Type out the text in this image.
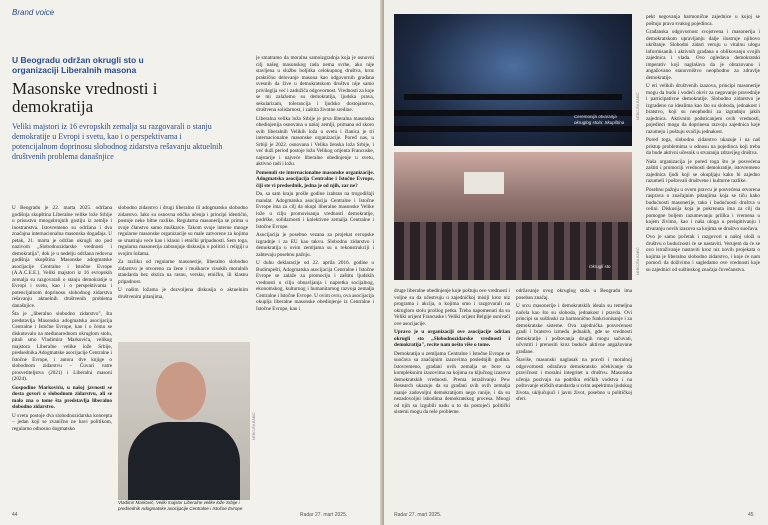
Brand voice
U Beogradu održan okrugli sto u organizaciji Liberalnih masona
Masonske vrednosti i demokratija
Veliki majstori iz 16 evropskih zemalja su razgovarali o stanju demokratije u Evropi i svetu, kao i o perspektivama i potencijalnom doprinosu slobodnog zidarstva rešavanju aktuelnih društvenih problema današnjice

U Beogradu je 22. marta 2025. održana godišnja skupština Liberalne velike lože Srbije u prisustvu mnogobrojnih gostiju iz zemlje i inostranstva. Istovremeno su održana i dva značajna internacionalna masonska događaja. U petak, 21. marta je održan okrugli sto pod nazivom „Slobodnozidarske vrednosti i demokratija", dok je u nedelju održana redovna godišnja skupština Masonske adogmatske asocijacije Centralne i Istočne Evrope (A.A.C.E.E.). Veliki majstori iz 16 evropskih zemalja su razgovarali o stanju demokratije u Evropi i svetu, kao i o perspektivama i potencijalnom doprinosu slobodnog zidarstva rešavanju aktuelnih društvenih problema današnjice.

Šta je „liberalno slobodno zidarstvo", šta predstavlja Masonska adogmatska asocijacija Centralne i Istočne Evrope, kao i o čemu se diskutovalo na međunarodnom okruglom stolu, pitali smo Vladimira Markovića, velikog majstora Liberalne velike lože Srbije, predsednika Adogmatske asocijacije Centralne i Istočne Evrope, i autora dve knjige o slobodnom zidarstvu – Čuvari vatre prosvetiteljstva (2021) i Liberalni masoni (2024).

Gospodine Markoviću, u našoj javnosti se dosta govori o slobodnom zidarstvu, ali se malo zna o tome šta predstavlja liberalno slobodno zidarstvo.

U svetu postoje dva slobodnozidarska koncepta – jedan koji se zvanično ne bavi politikom, regularno odnosno dogmatsko

slobodno zidarstvo i drugi liberalno ili adogmatsko slobodno zidarstvo. Iako su osnovna etička učenja i principi identični, postoje neke bitne razlike. Regularna masonerija se prima u svoje članstvo samo muškarce. Takom svoje interne mnoge regularne masonske organizacije su male zatvorene za kojima se smatraju veće kao i klasni i etnički pripadnosti. Sem toga, regularna masonerija zabranjuje diskusiju o politici i religiji u svojim ložama.

Za razliku od regularne masonerije, liberalno slobodno zidarstvo je otvoreno za žene i muškarce visokih moralnih standarda bez obzira na rasnu, versku, etničku, ili klasnu pripadnost.

U našim ložama je dozvoljena diskusija o aktuelnim društvenim pitanjima,

je smatramo da moralna samoizgradnja koja je osnovni cilj našeg masonskog rada nema svrhe, ako nije stavljena u službu boljitka celokupnog društva, kroz praktičnu delovanje masona kao odgovornih građana svesnih da žive u demokratskom društvu nije samo privilegija već i zadužiča odgovornost. Vrednosti za koje se mi zalažemo su demokratija, ljudska prava, sekularizam, tolerancija i ljudsko dostojanstvo, društvena solidarnost, i zaštita životne sredine.

Liberalna velika loža Srbije je prva liberalna masonska obedinjenija osnovana u našoj zemlji, primana od skoro svih liberalnih Velikih loža u svetu i članica je tri internacionalne masonske organizacije. Poređ nas, u Srbiji je 2022. osnovana i Velika ženska loža Srbije, i već duži period postoje ložu Velikog orijenta Francuske, najstarije i najveće liberalne obedinjenje u svetu, aktivno radi i ložu.

Pomenuli ste internacionalne masonske organizacije. Adogmatska asocijacija Centralne i Istočne Evrope, čiji ste vi predsednik, jedna je od njih, zar ne?

Da, sa sam kraju prošle godine izabran na trogodišnji mandat. Adogmatska asocijacija Centralne i Istočne Evrope ima za cilj da okupi liberalne masonske Velike lože u cilju promovisanja vrednosti demokratije, podrške, solidarnosti i kolektivne zemalja Centralne i Istočne Evrope.

Asocijacija je posebno vezana za projekat evropske izgradnje i za EU kao takvu. Slobodno zidarstvo i demokratija u ovim zemljama su u rekonstrukciji i zahtevaju posebnu pažnju.

U duhu deklaracije od 22. aprila 2016. godine u Budimpešti, Adogmatska asocijacija Centralne i Istočne Evrope se zalaže za promociju i zaštitu ljudskih vrednosti u cilju obnavljanja i napretka socijalnog, ekonomskog, kulturnog i humanitarnog razvoja zemalja Centralne i Istočne Evrope. U ovim ovru, ova asocijacija okuplja liberalne masonske obedinjenje iz Centralne i Istočne Evrope, kao i

NEBOJŠA BABIĆ
Vladimir Marković, Veliki majstor Liberalne velike lože Srbije i predsednik Adogmatske asocijacije Centralne i Istočne Evrope
44	Radar 27. mart 2025.
Ceremonija otvaranja okruglog stola: Skupština
NEBOJŠA BABIĆ
Okrugli sto	NEBOJŠA BABIĆ

pekt negovanja harmonične zajednice u kojoj se poštuju prava svakog pojedinca.

Građanska odgovornost svojstvena i masonerija i demokratskom upravljanju dalje ilustruje njihovo ukrštanje. Slobodni zidari veruju u vitalnu ulogu informisanih i aktivnih građana u oblikovanju svojih zajednica i vlada. Ovo ogledava demokratski imperativ koji naglašava da je obrazovano i angažovano stanovništvo neophodno za zdravlje demokratije.

U eri velikih društvenih izazova, principi masonerije mogu da budu i vodeći okvir za negovanje pravednije i participativne demokratije. Slobodno zidarstvo je izgrađeno na idealima kao što su sloboda, jednakost i bratstvo, koji su neophodni za izgradnju jakih zajednica. Aktivnim podsticanjem ovih vrednosti, pojedinci mogu da doprinesu razvoju zajednica koje razumeju i poštuju svačiju jednakost.

Pored toga, slobodno zidarstvo ukazuje i na naš pristup problemima u odnosu na pojedinca koji treba da bude aktivni učesnik u stvaranju zdravijeg društva.

Naša organizacija je pored toga što je posvećena zaštiti i promociji vrednosti demokratije, istovremeno zajednica ljudi koji se okupljaju kako bi zajedno razumeli i poštovali društvene i kulturne razlike.

Posebnu pažnju u ovom pravcu je posvećena otvorena rasprava o značajnim pitanjima koja se tiču kako budućnosti masonerije, tako i budućnosti društva u celini. Diskusija koja je pokrenuta ima za cilj da pomogne boljem razumevanju prilika i vremena u kojem živimo, kao i naša uloga u preispitivanju i stvaranju novih izazova sa kojima se društvo suočava.

Ovo je samo početak i razgovori u našoj uloži u društvu o budućnosti će se nastaviti. Verujem da će se ovo istraživanje nastaviti kroz niz novih projekata o kojima je liberalno slobodno zidarstvo, i koje će nam pomoći da doživimo i sagledamo ove vrednosti koje su zajednici od suštinskog značaja čovečanstva.

druge liberalne obedinjenje koje poštuju ove vrednosti i voljne su da učestvuju u zajedničkoj misiji kroz niz programa i akcija, o kojima smo i razgovarali na okruglom stolu prošlog petka. Treba napomenuti da su Veliki orijent Francuske i Veliki orijent Belgije osnivači ove asocijacije.

Upravo je u organizaciji ove asocijacije održan okrugli sto „Slobodnozidarske vrednosti i demokratija", recite nam nešto više o tome.

Demokratija u zemljama Centralne i Istočne Evrope se suočava sa značajnim izazovima poslednjih godina. Istovremeno, građani ovih zemalja se bore sa kompleksnim izazovima na kojima su ključnog izazova demokratskih vrednosti. Prema istraživanju Pew Research ukazuju da su građani svih ovih zemalja manje zadovoljni demokratijom nego ranije, i da su nezadovoljni ishodima demokratskog procesa. Mnogi od njih su izgubili nadu u to da postojeći politički sistemi mogu da reše probleme.

održavanje ovog okruglog stola u Beogradu ima poseban značaj.

U srcu masonerije i demokratskih ideala su temeljna načela kao što su sloboda, jednakost i pravda. Ovi principi su suštinski za harmonično funkcionisanje i za demokratske sisteme. Ova zajednička posvećenost gradi i bratstvo između jednakih, gde se vrednosti demokratije i poštovanja drugih mogu sačuvati, učvrstiti i prenositi kroz buduće aktivne angažovane građane.

Štaviše, masonski naglasak na pravdi i moralnoj odgovornosti odražava demokratsko očekivanje da pravičnost i moralni integritet u društvu. Masonska učenja pozivaju na podršku etičkih vodstva i na poštovanje etičkih standarda u svim aspektima ljudskog života, uključujući i javni život, posebno u političkoj sferi.

Radar 27. mart 2025.	45
